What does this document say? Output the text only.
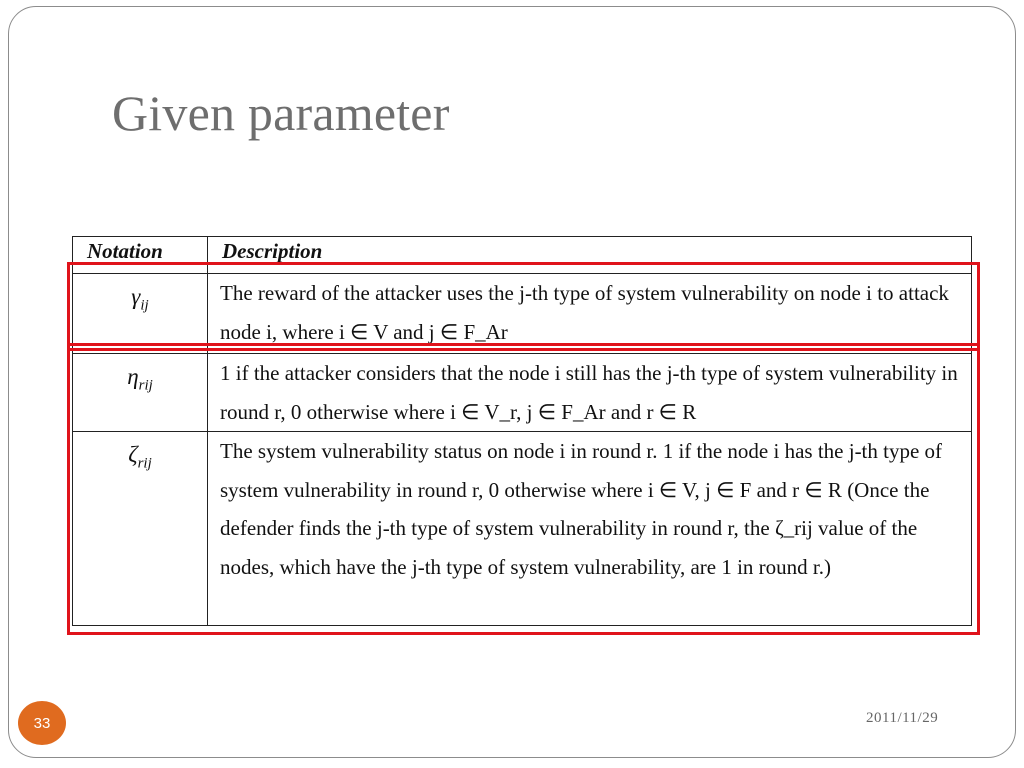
Given parameter
Notation	Description
$\gamma_{ij}$	The reward of the attacker uses the j-th type of system vulnerability on node i to attack node i, where i ∈ V and j ∈ F_Ar
$\eta_{rij}$	1 if the attacker considers that the node i still has the j-th type of system vulnerability in round r, 0 otherwise where i ∈ V_r, j ∈ F_Ar and r ∈ R
$\zeta_{rij}$	The system vulnerability status on node i in round r. 1 if the node i has the j-th type of system vulnerability in round r, 0 otherwise where i ∈ V, j ∈ F and r ∈ R (Once the defender finds the j-th type of system vulnerability in round r, the ζ_rij value of the nodes, which have the j-th type of system vulnerability, are 1 in round r.)
33	2011/11/29
